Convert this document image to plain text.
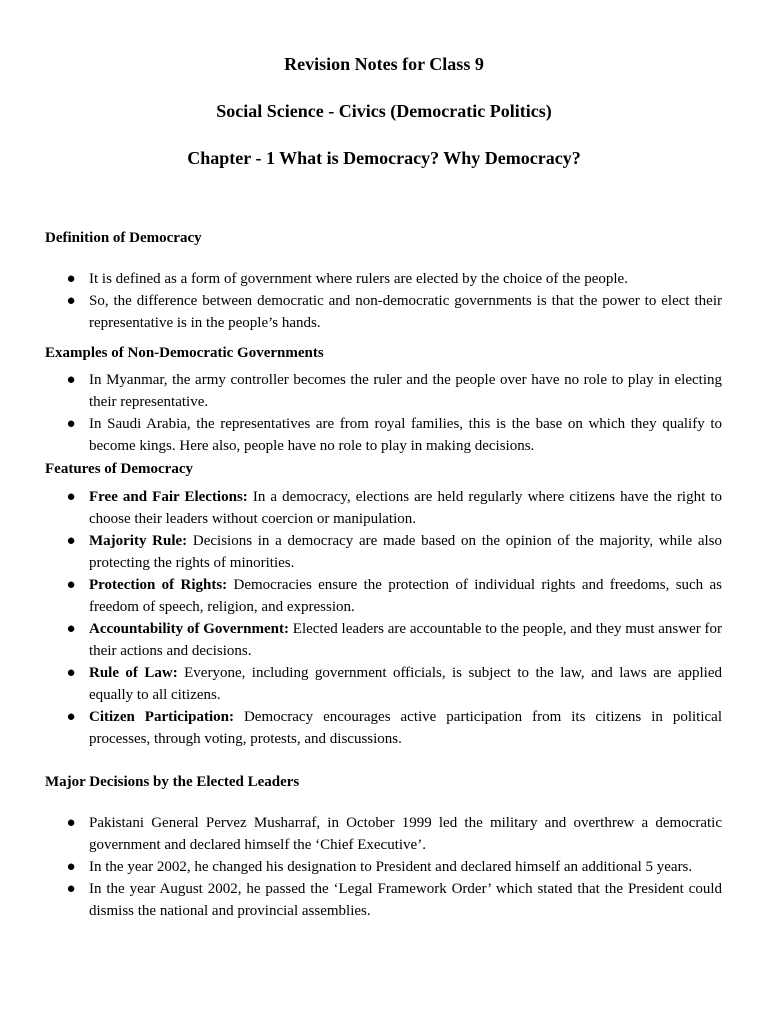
Revision Notes for Class 9
Social Science - Civics (Democratic Politics)
Chapter - 1 What is Democracy? Why Democracy?
Definition of Democracy
● It is defined as a form of government where rulers are elected by the choice of the people.
● So, the difference between democratic and non-democratic governments is that the power to elect their representative is in the people’s hands.
Examples of Non-Democratic Governments
● In Myanmar, the army controller becomes the ruler and the people over have no role to play in electing their representative.
● In Saudi Arabia, the representatives are from royal families, this is the base on which they qualify to become kings. Here also, people have no role to play in making decisions.
Features of Democracy
● Free and Fair Elections: In a democracy, elections are held regularly where citizens have the right to choose their leaders without coercion or manipulation.
● Majority Rule: Decisions in a democracy are made based on the opinion of the majority, while also protecting the rights of minorities.
● Protection of Rights: Democracies ensure the protection of individual rights and freedoms, such as freedom of speech, religion, and expression.
● Accountability of Government: Elected leaders are accountable to the people, and they must answer for their actions and decisions.
● Rule of Law: Everyone, including government officials, is subject to the law, and laws are applied equally to all citizens.
● Citizen Participation: Democracy encourages active participation from its citizens in political processes, through voting, protests, and discussions.
Major Decisions by the Elected Leaders
● Pakistani General Pervez Musharraf, in October 1999 led the military and overthrew a democratic government and declared himself the ‘Chief Executive’.
● In the year 2002, he changed his designation to President and declared himself an additional 5 years.
● In the year August 2002, he passed the ‘Legal Framework Order’ which stated that the President could dismiss the national and provincial assemblies.
